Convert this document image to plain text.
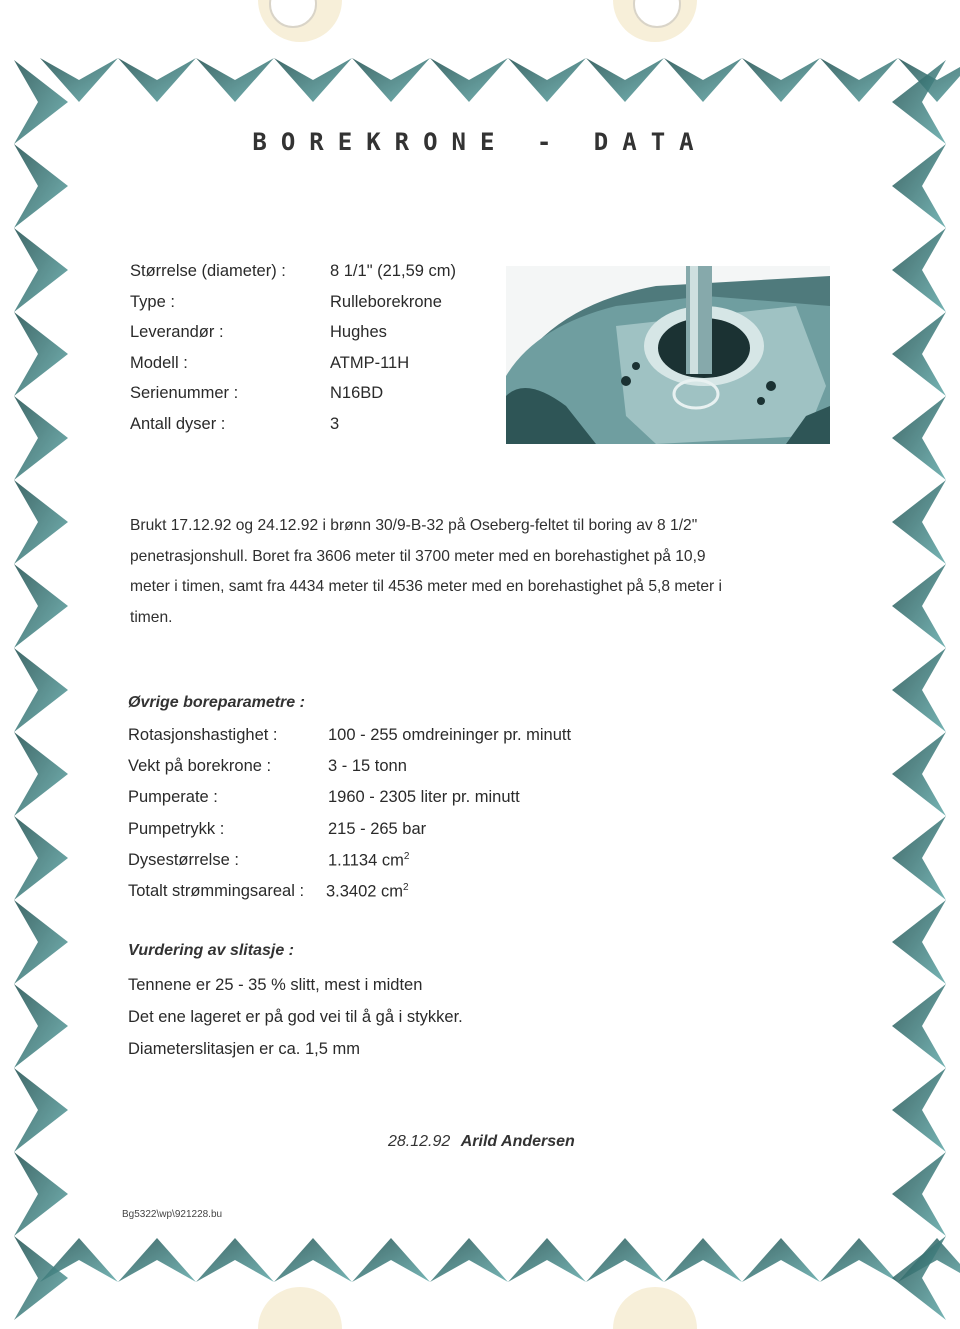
BOREKRONE - DATA
Størrelse (diameter) :	8 1/1" (21,59 cm)
Type :	Rulleborekrone
Leverandør :	Hughes
Modell :	ATMP-11H
Serienummer :	N16BD
Antall dyser :	3
Brukt 17.12.92 og 24.12.92 i brønn 30/9-B-32 på Oseberg-feltet til boring av 8 1/2"
penetrasjonshull. Boret fra 3606 meter til 3700 meter med en borehastighet på 10,9
meter i timen, samt fra 4434 meter til 4536 meter med en borehastighet på 5,8 meter i
timen.
Øvrige boreparametre :
Rotasjonshastighet :	100 - 255 omdreininger pr. minutt
Vekt på borekrone :	3 - 15 tonn
Pumperate :	1960 - 2305 liter pr. minutt
Pumpetrykk :	215 - 265 bar
Dysestørrelse :	1.1134 $cm^2$
Totalt strømmingsareal : 3.3402 $cm^2$
Vurdering av slitasje :
Tennene er 25 - 35 % slitt, mest i midten
Det ene lageret er på god vei til å gå i stykker.
Diameterslitasjen er ca. 1,5 mm
28.12.92 Arild Andersen
Bg5322\wp\921228.bu
